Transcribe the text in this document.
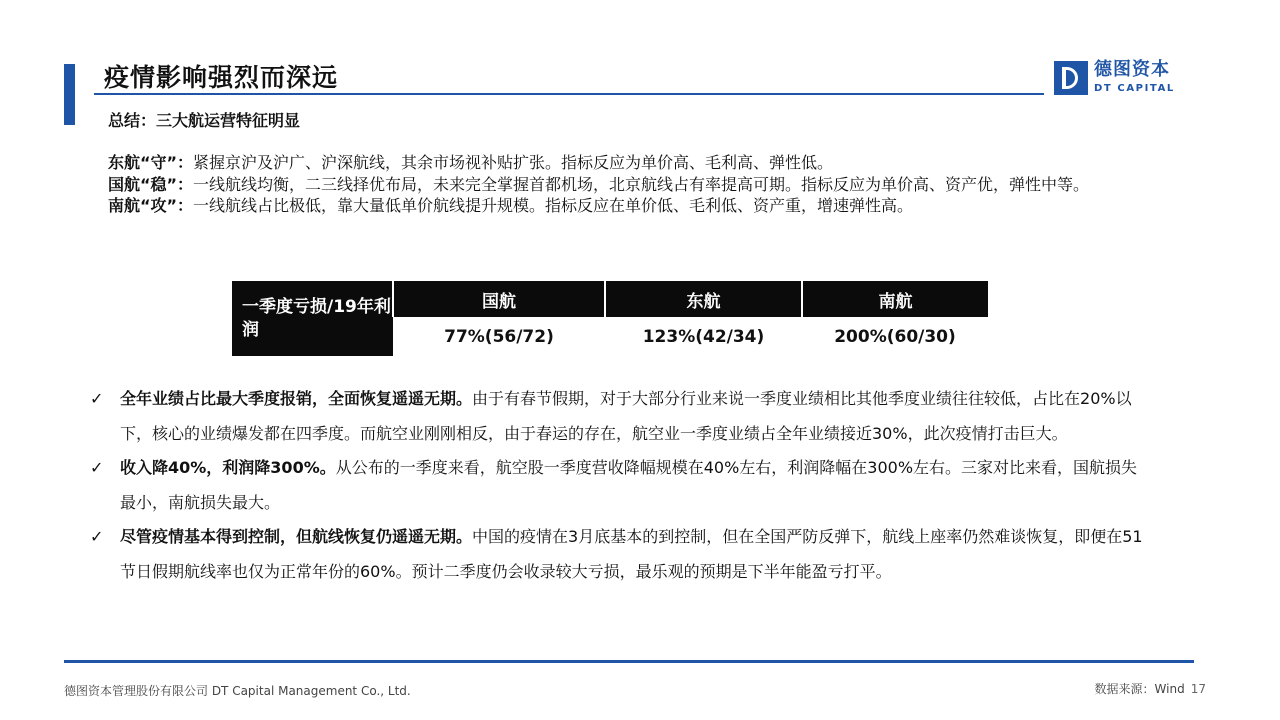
疫情影响强烈而深远	德图资本
DT CAPITAL
总结：三大航运营特征明显

东航“守”：紧握京沪及沪广、沪深航线，其余市场视补贴扩张。指标反应为单价高、毛利高、弹性低。

国航“稳”：一线航线均衡，二三线择优布局，未来完全掌握首都机场，北京航线占有率提高可期。指标反应为单价高、资产优，弹性中等。

南航“攻”：一线航线占比极低，靠大量低单价航线提升规模。指标反应在单价低、毛利低、资产重，增速弹性高。

一季度亏损/19年利润	国航	东航	南航
	77%(56/72)	123%(42/34)	200%(60/30)
✓ 全年业绩占比最大季度报销，全面恢复遥遥无期。由于有春节假期，对于大部分行业来说一季度业绩相比其他季度业绩往往较低，占比在20%以下，核心的业绩爆发都在四季度。而航空业刚刚相反，由于春运的存在，航空业一季度业绩占全年业绩接近30%，此次疫情打击巨大。
✓ 收入降40%，利润降300%。从公布的一季度来看，航空股一季度营收降幅规模在40%左右，利润降幅在300%左右。三家对比来看，国航损失最小，南航损失最大。
✓ 尽管疫情基本得到控制，但航线恢复仍遥遥无期。中国的疫情在3月底基本的到控制，但在全国严防反弹下，航线上座率仍然难谈恢复，即便在51节日假期航线率也仅为正常年份的60%。预计二季度仍会收录较大亏损，最乐观的预期是下半年能盈亏打平。
德图资本管理股份有限公司 DT Capital Management Co., Ltd.	数据来源：Wind 17
